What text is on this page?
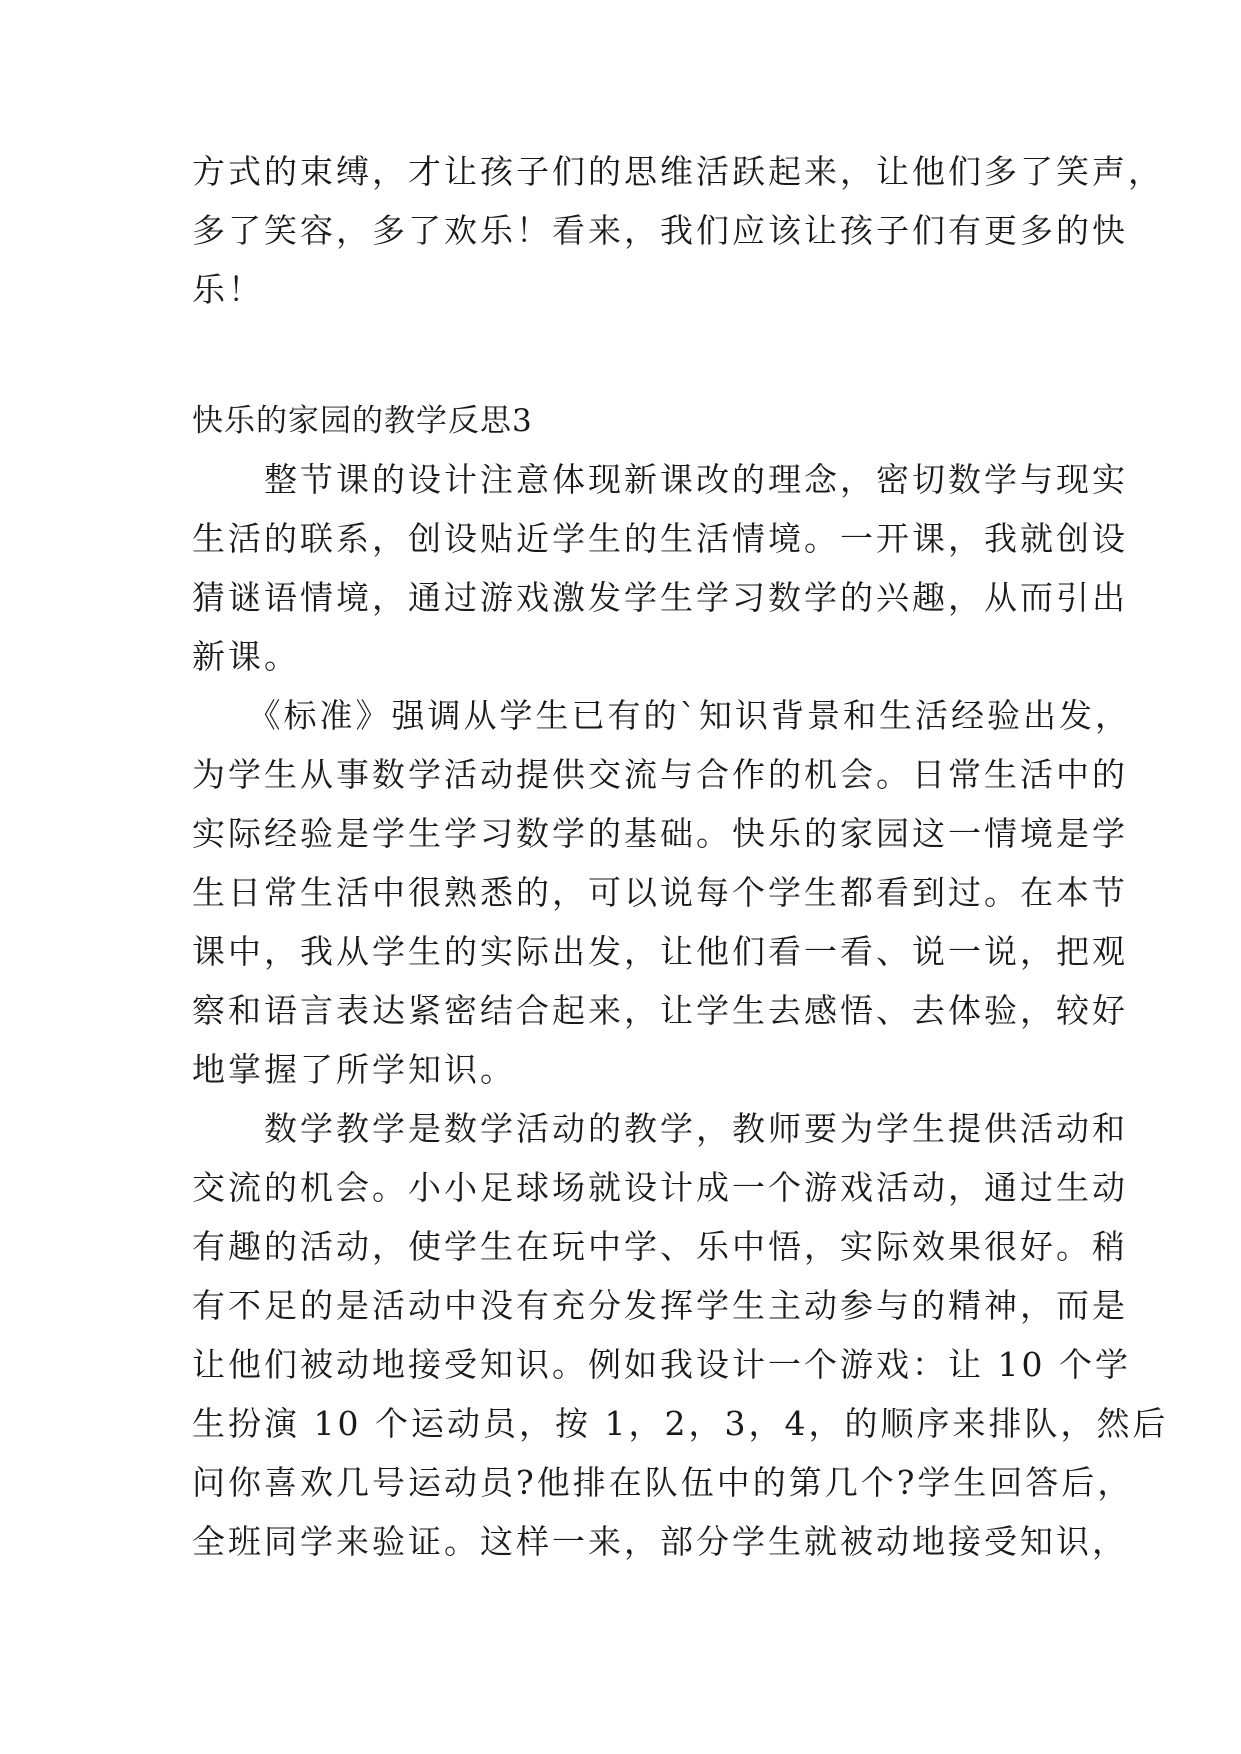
方式的束缚，才让孩子们的思维活跃起来，让他们多了笑声，
多了笑容，多了欢乐！看来，我们应该让孩子们有更多的快
乐！
快乐的家园的教学反思3
　　整节课的设计注意体现新课改的理念，密切数学与现实
生活的联系，创设贴近学生的生活情境。一开课，我就创设
猜谜语情境，通过游戏激发学生学习数学的兴趣，从而引出
新课。
　　《标准》强调从学生已有的`知识背景和生活经验出发，
为学生从事数学活动提供交流与合作的机会。日常生活中的
实际经验是学生学习数学的基础。快乐的家园这一情境是学
生日常生活中很熟悉的，可以说每个学生都看到过。在本节
课中，我从学生的实际出发，让他们看一看、说一说，把观
察和语言表达紧密结合起来，让学生去感悟、去体验，较好
地掌握了所学知识。
　　数学教学是数学活动的教学，教师要为学生提供活动和
交流的机会。小小足球场就设计成一个游戏活动，通过生动
有趣的活动，使学生在玩中学、乐中悟，实际效果很好。稍
有不足的是活动中没有充分发挥学生主动参与的精神，而是
让他们被动地接受知识。例如我设计一个游戏：让 10 个学
生扮演 10 个运动员，按 1，2，3，4，的顺序来排队，然后
问你喜欢几号运动员?他排在队伍中的第几个?学生回答后，
全班同学来验证。这样一来，部分学生就被动地接受知识，
